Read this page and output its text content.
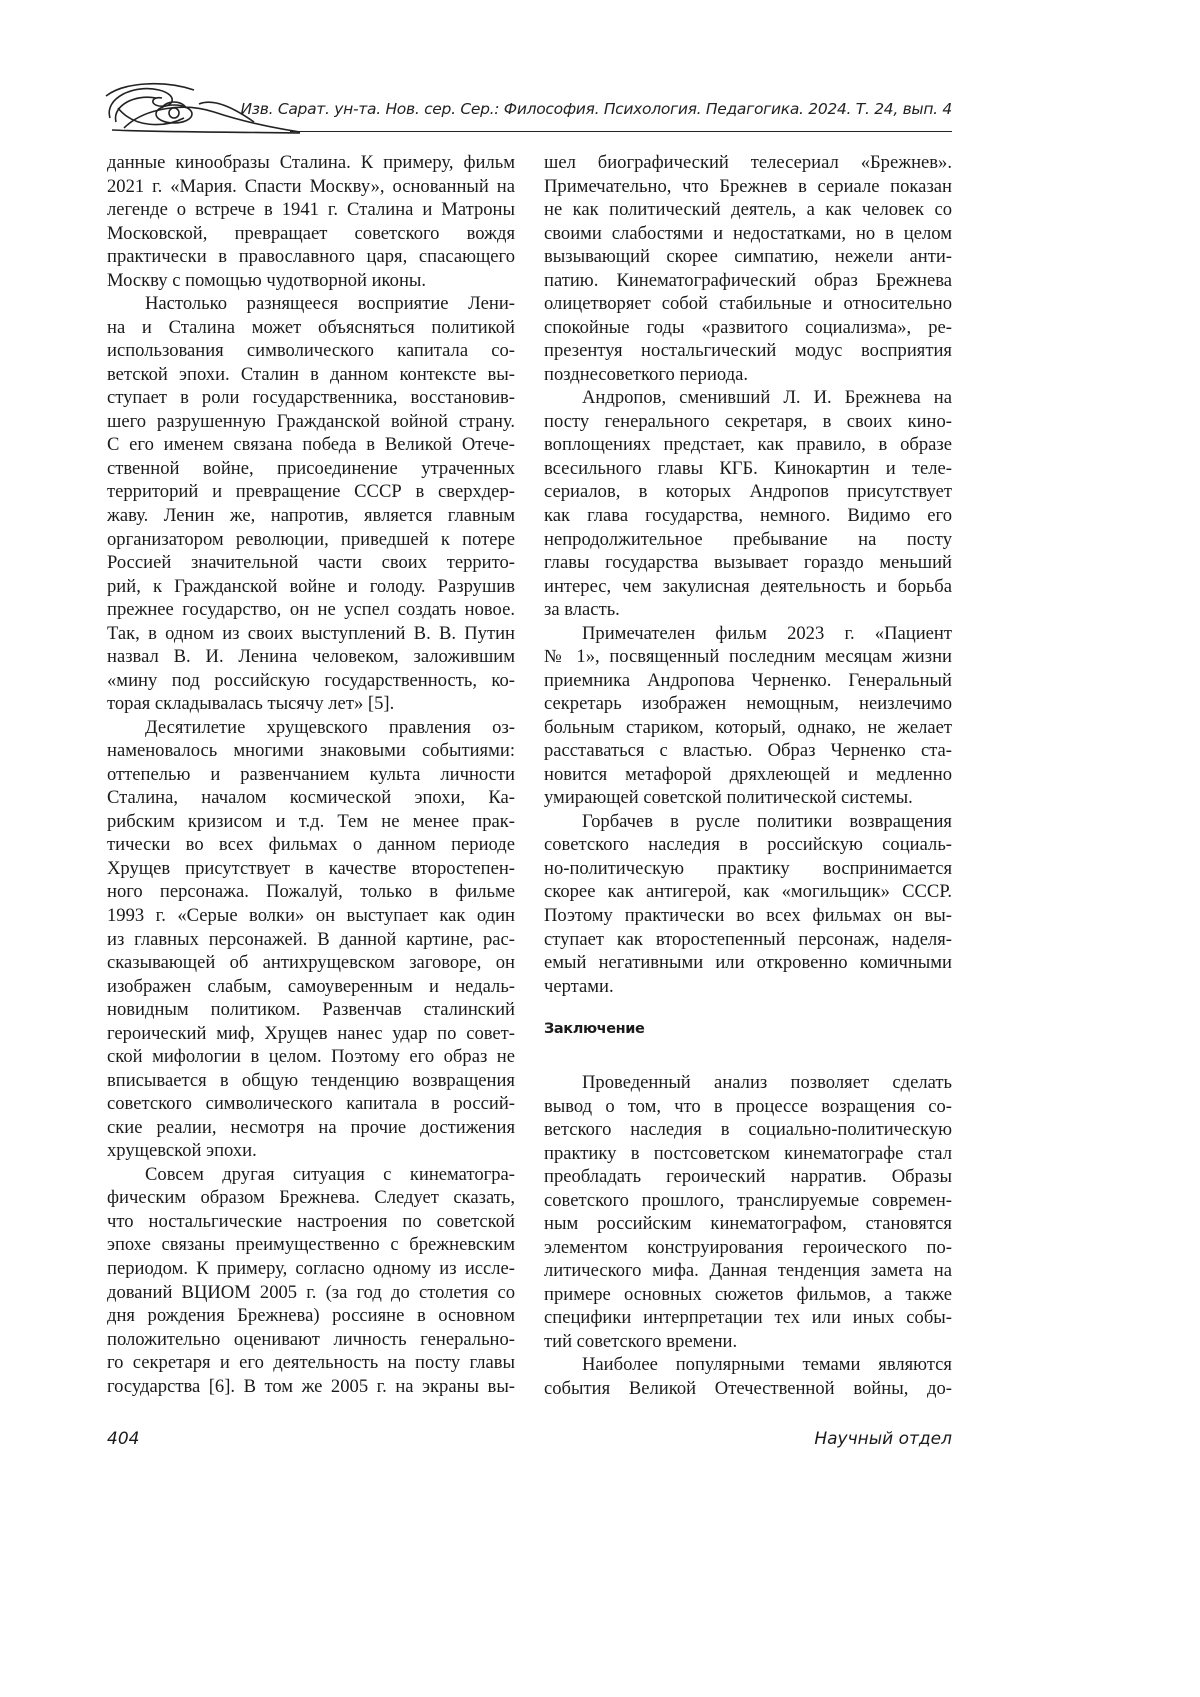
Изв. Сарат. ун-та. Нов. сер. Сер.: Философия. Психология. Педагогика. 2024. Т. 24, вып. 4
данные кинообразы Сталина. К примеру, фильм
2021 г. «Мария. Спасти Москву», основанный на
легенде о встрече в 1941 г. Сталина и Матроны
Московской, превращает советского вождя
практически в православного царя, спасающего
Москву с помощью чудотворной иконы.
Настолько разнящееся восприятие Лени-
на и Сталина может объясняться политикой
использования символического капитала со-
ветской эпохи. Сталин в данном контексте вы-
ступает в роли государственника, восстановив-
шего разрушенную Гражданской войной страну.
С его именем связана победа в Великой Отече-
ственной войне, присоединение утраченных
территорий и превращение СССР в сверхдер-
жаву. Ленин же, напротив, является главным
организатором революции, приведшей к потере
Россией значительной части своих террито-
рий, к Гражданской войне и голоду. Разрушив
прежнее государство, он не успел создать новое.
Так, в одном из своих выступлений В. В. Путин
назвал В. И. Ленина человеком, заложившим
«мину под российскую государственность, ко-
торая складывалась тысячу лет» [5].
Десятилетие хрущевского правления оз-
наменовалось многими знаковыми событиями:
оттепелью и развенчанием культа личности
Сталина, началом космической эпохи, Ка-
рибским кризисом и т.д. Тем не менее прак-
тически во всех фильмах о данном периоде
Хрущев присутствует в качестве второстепен-
ного персонажа. Пожалуй, только в фильме
1993 г. «Серые волки» он выступает как один
из главных персонажей. В данной картине, рас-
сказывающей об антихрущевском заговоре, он
изображен слабым, самоуверенным и недаль-
новидным политиком. Развенчав сталинский
героический миф, Хрущев нанес удар по совет-
ской мифологии в целом. Поэтому его образ не
вписывается в общую тенденцию возвращения
советского символического капитала в россий-
ские реалии, несмотря на прочие достижения
хрущевской эпохи.
Совсем другая ситуация с кинематогра-
фическим образом Брежнева. Следует сказать,
что ностальгические настроения по советской
эпохе связаны преимущественно с брежневским
периодом. К примеру, согласно одному из иссле-
дований ВЦИОМ 2005 г. (за год до столетия со
дня рождения Брежнева) россияне в основном
положительно оценивают личность генерально-
го секретаря и его деятельность на посту главы
государства [6]. В том же 2005 г. на экраны вы-
шел биографический телесериал «Брежнев».
Примечательно, что Брежнев в сериале показан
не как политический деятель, а как человек со
своими слабостями и недостатками, но в целом
вызывающий скорее симпатию, нежели анти-
патию. Кинематографический образ Брежнева
олицетворяет собой стабильные и относительно
спокойные годы «развитого социализма», ре-
презентуя ностальгический модус восприятия
позднесоветкого периода.
Андропов, сменивший Л. И. Брежнева на
посту генерального секретаря, в своих кино-
воплощениях предстает, как правило, в образе
всесильного главы КГБ. Кинокартин и теле-
сериалов, в которых Андропов присутствует
как глава государства, немного. Видимо его
непродолжительное пребывание на посту
главы государства вызывает гораздо меньший
интерес, чем закулисная деятельность и борьба
за власть.
Примечателен фильм 2023 г. «Пациент
№ 1», посвященный последним месяцам жизни
приемника Андропова Черненко. Генеральный
секретарь изображен немощным, неизлечимо
больным стариком, который, однако, не желает
расставаться с властью. Образ Черненко ста-
новится метафорой дряхлеющей и медленно
умирающей советской политической системы.
Горбачев в русле политики возвращения
советского наследия в российскую социаль-
но-политическую практику воспринимается
скорее как антигерой, как «могильщик» СССР.
Поэтому практически во всех фильмах он вы-
ступает как второстепенный персонаж, наделя-
емый негативными или откровенно комичными
чертами.
Заключение
Проведенный анализ позволяет сделать
вывод о том, что в процессе возращения со-
ветского наследия в социально-политическую
практику в постсоветском кинематографе стал
преобладать героический нарратив. Образы
советского прошлого, транслируемые современ-
ным российским кинематографом, становятся
элементом конструирования героического по-
литического мифа. Данная тенденция замета на
примере основных сюжетов фильмов, а также
специфики интерпретации тех или иных собы-
тий советского времени.
Наиболее популярными темами являются
события Великой Отечественной войны, до-
404	Научный отдел
